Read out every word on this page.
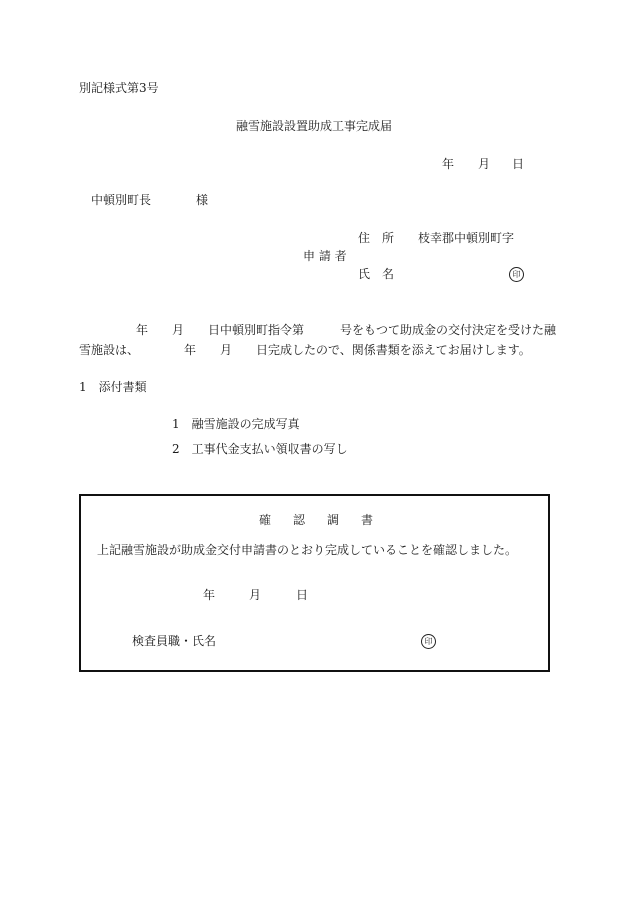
別記様式第3号
融雪施設設置助成工事完成届
年 月 日
中頓別町長	様
住　所 枝幸郡中頓別町字
申 請 者
氏　名	印
年 月 日中頓別町指令第　　　号をもつて助成金の交付決定を受けた融
雪施設は、	年 月 日完成したので、関係書類を添えてお届けします。
1　添付書類
1　融雪施設の完成写真
2　工事代金支払い領収書の写し
確認調書
上記融雪施設が助成金交付申請書のとおり完成していることを確認しました。
年	月	日
検査員職・氏名	印
